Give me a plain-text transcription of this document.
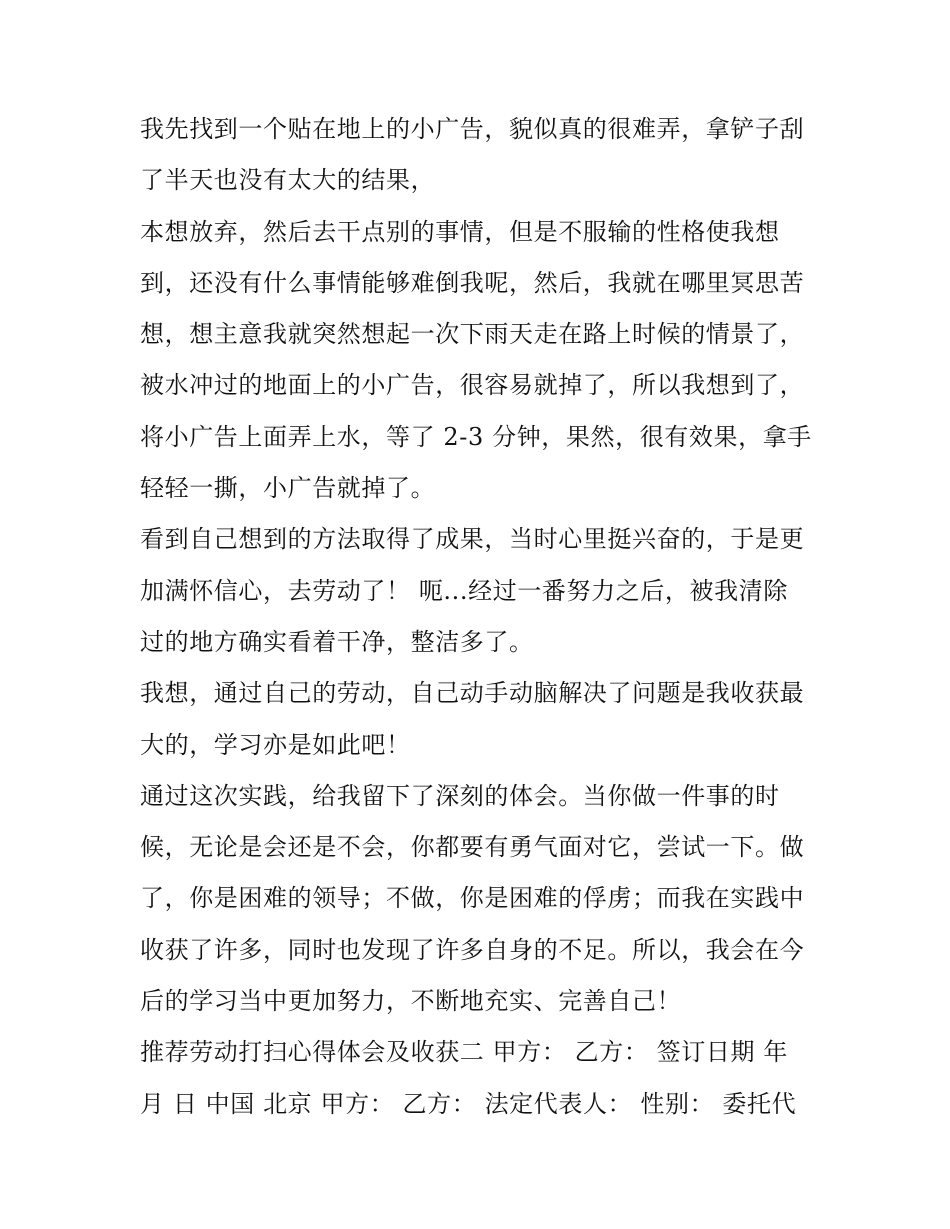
我先找到一个贴在地上的小广告，貌似真的很难弄，拿铲子刮
了半天也没有太大的结果，
本想放弃，然后去干点别的事情，但是不服输的性格使我想
到，还没有什么事情能够难倒我呢，然后，我就在哪里冥思苦
想，想主意我就突然想起一次下雨天走在路上时候的情景了，
被水冲过的地面上的小广告，很容易就掉了，所以我想到了，
将小广告上面弄上水，等了 2-3 分钟，果然，很有效果，拿手
轻轻一撕，小广告就掉了。
看到自己想到的方法取得了成果，当时心里挺兴奋的，于是更
加满怀信心，去劳动了！ 呃...经过一番努力之后，被我清除
过的地方确实看着干净，整洁多了。
我想，通过自己的劳动，自己动手动脑解决了问题是我收获最
大的，学习亦是如此吧！
通过这次实践，给我留下了深刻的体会。当你做一件事的时
候，无论是会还是不会，你都要有勇气面对它，尝试一下。做
了，你是困难的领导；不做，你是困难的俘虏；而我在实践中
收获了许多，同时也发现了许多自身的不足。所以，我会在今
后的学习当中更加努力，不断地充实、完善自己！
推荐劳动打扫心得体会及收获二 甲方： 乙方： 签订日期 年
月 日 中国 北京 甲方： 乙方： 法定代表人： 性别： 委托代
